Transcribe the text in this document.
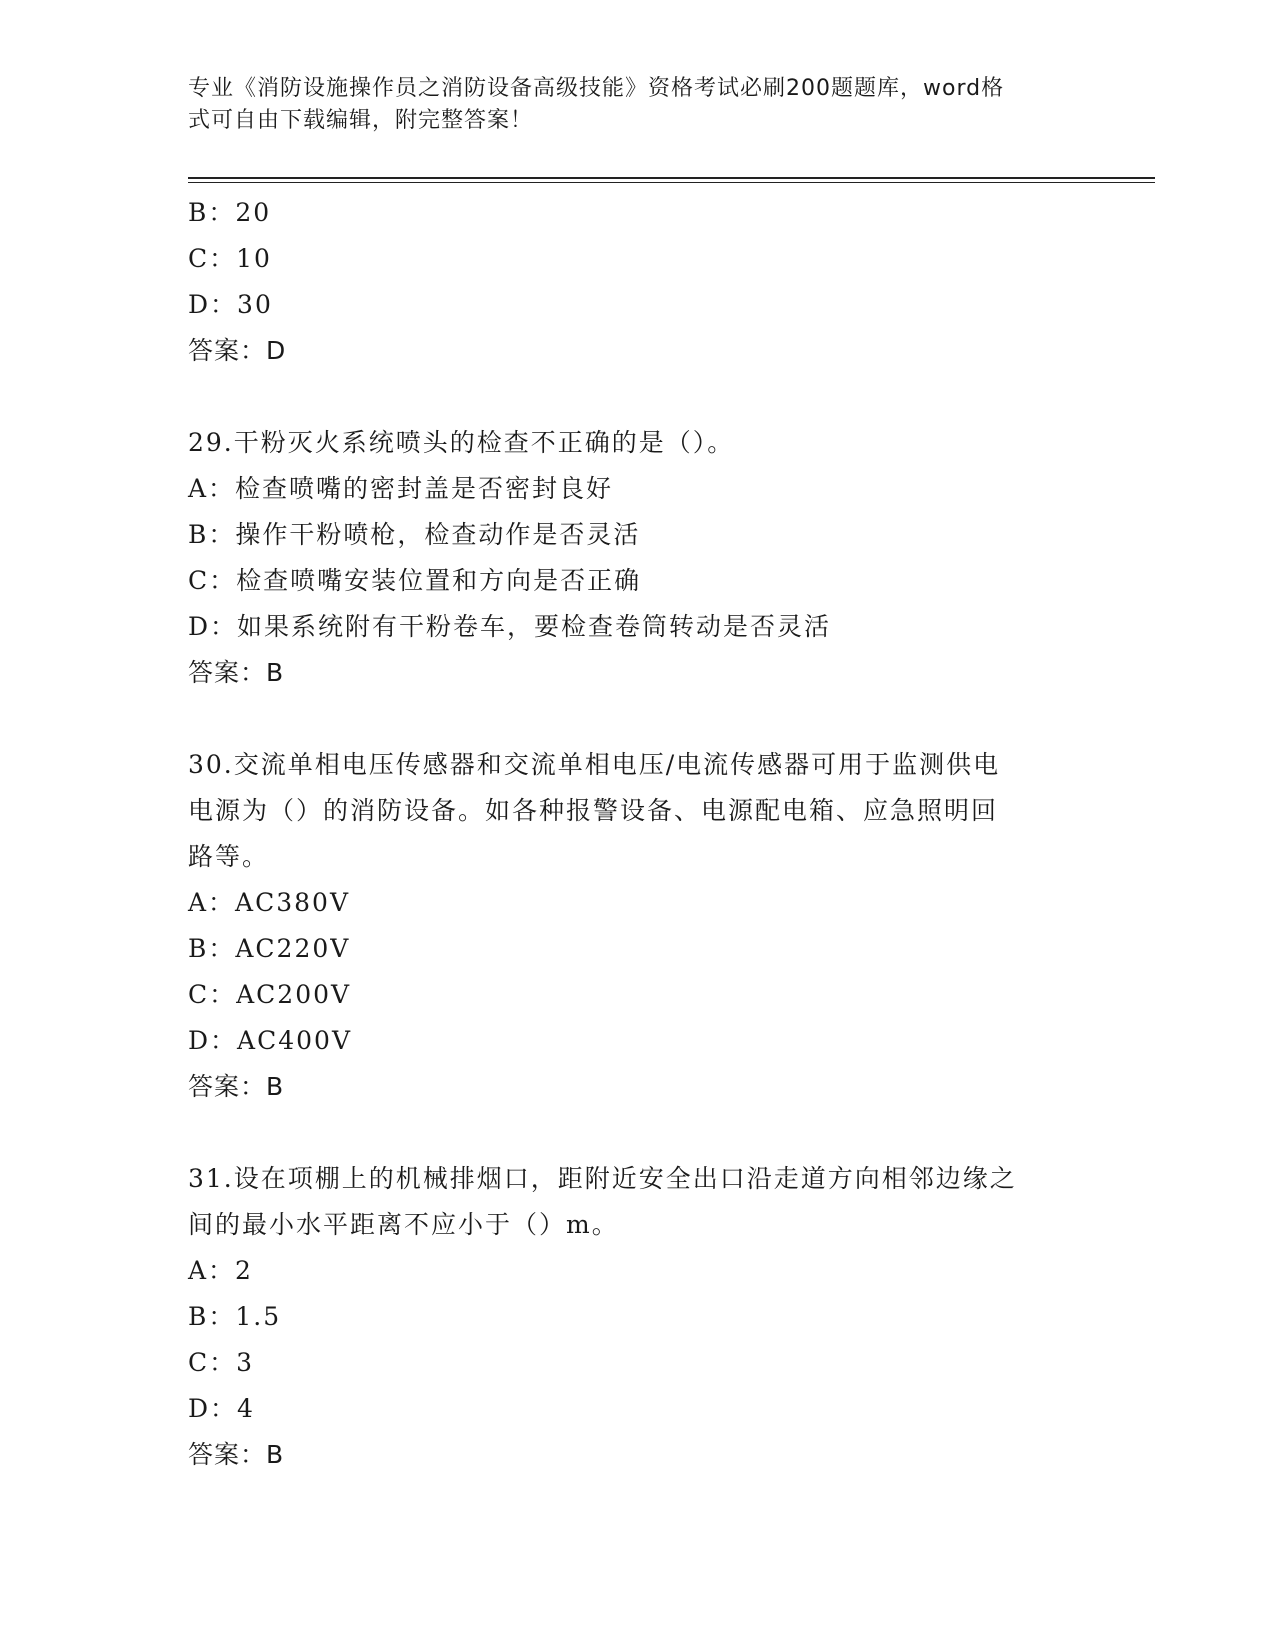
专业《消防设施操作员之消防设备高级技能》资格考试必刷200题题库，word格
式可自由下载编辑，附完整答案！
B：20
C：10
D：30
答案：D
29.干粉灭火系统喷头的检查不正确的是（）。
A：检查喷嘴的密封盖是否密封良好
B：操作干粉喷枪，检查动作是否灵活
C：检查喷嘴安装位置和方向是否正确
D：如果系统附有干粉卷车，要检查卷筒转动是否灵活
答案：B
30.交流单相电压传感器和交流单相电压/电流传感器可用于监测供电
电源为（）的消防设备。如各种报警设备、电源配电箱、应急照明回
路等。
A：AC380V
B：AC220V
C：AC200V
D：AC400V
答案：B
31.设在项棚上的机械排烟口，距附近安全出口沿走道方向相邻边缘之
间的最小水平距离不应小于（）m。
A：2
B：1.5
C：3
D：4
答案：B
